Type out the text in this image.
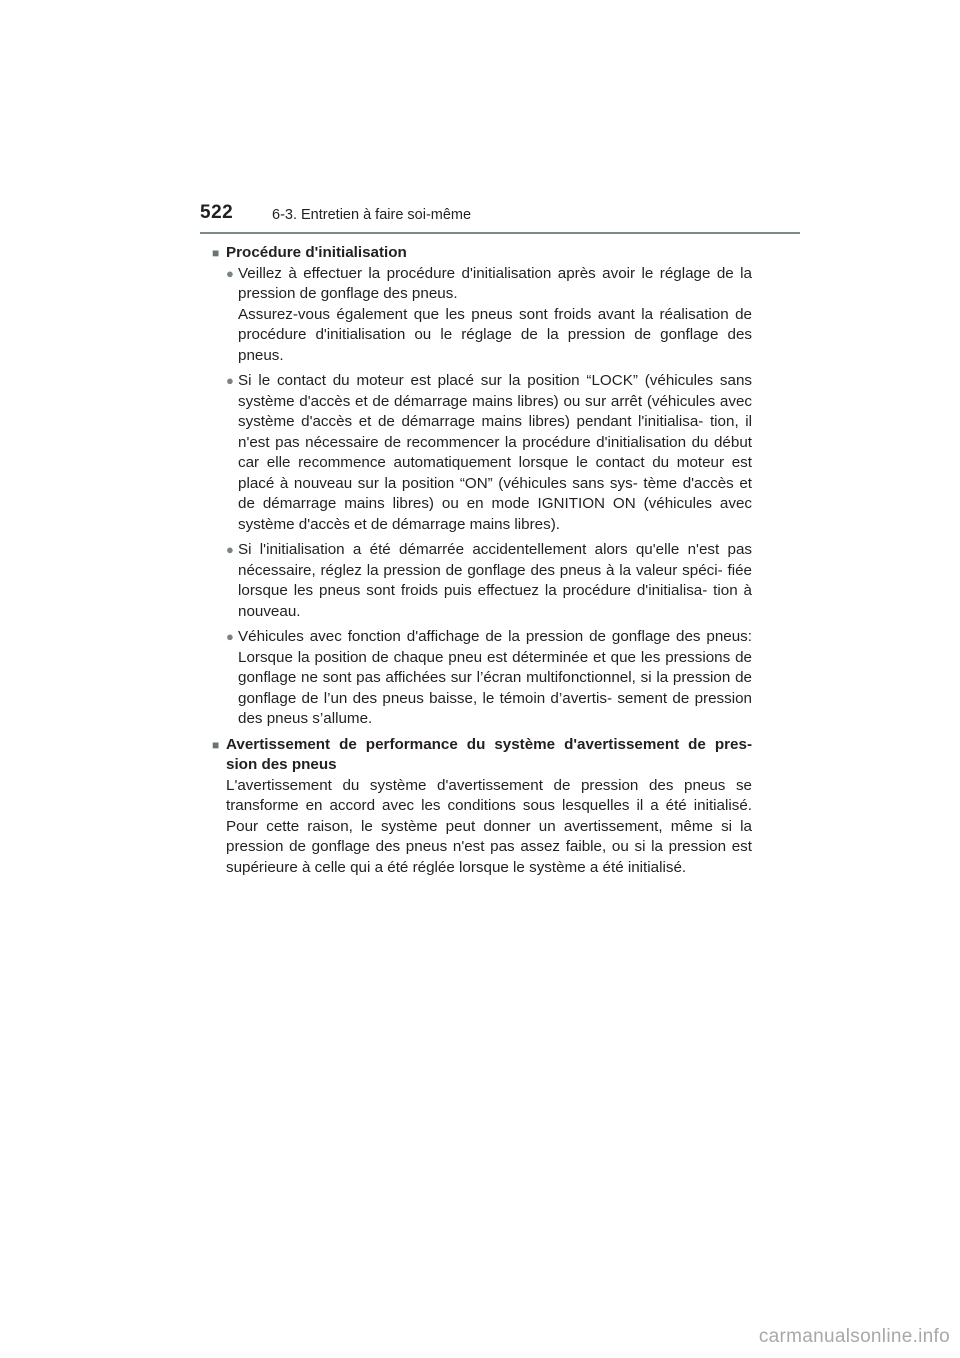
522	6-3. Entretien à faire soi-même
■ Procédure d'initialisation
● Veillez à effectuer la procédure d'initialisation après avoir le réglage de la pression de gonflage des pneus.

Assurez-vous également que les pneus sont froids avant la réalisation de procédure d'initialisation ou le réglage de la pression de gonflage des pneus.

● Si le contact du moteur est placé sur la position “LOCK” (véhicules sans système d'accès et de démarrage mains libres) ou sur arrêt (véhicules avec système d'accès et de démarrage mains libres) pendant l'initialisa- tion, il n'est pas nécessaire de recommencer la procédure d'initialisation du début car elle recommence automatiquement lorsque le contact du moteur est placé à nouveau sur la position “ON” (véhicules sans sys- tème d'accès et de démarrage mains libres) ou en mode IGNITION ON (véhicules avec système d'accès et de démarrage mains libres).

● Si l'initialisation a été démarrée accidentellement alors qu'elle n'est pas nécessaire, réglez la pression de gonflage des pneus à la valeur spéci- fiée lorsque les pneus sont froids puis effectuez la procédure d'initialisa- tion à nouveau.

● Véhicules avec fonction d'affichage de la pression de gonflage des pneus: Lorsque la position de chaque pneu est déterminée et que les pressions de gonflage ne sont pas affichées sur l’écran multifonctionnel, si la pression de gonflage de l’un des pneus baisse, le témoin d’avertis- sement de pression des pneus s’allume.

■ Avertissement de performance du système d'avertissement de pres- sion des pneus
L'avertissement du système d'avertissement de pression des pneus se transforme en accord avec les conditions sous lesquelles il a été initialisé. Pour cette raison, le système peut donner un avertissement, même si la pression de gonflage des pneus n'est pas assez faible, ou si la pression est supérieure à celle qui a été réglée lorsque le système a été initialisé.
carmanualsonline.info
